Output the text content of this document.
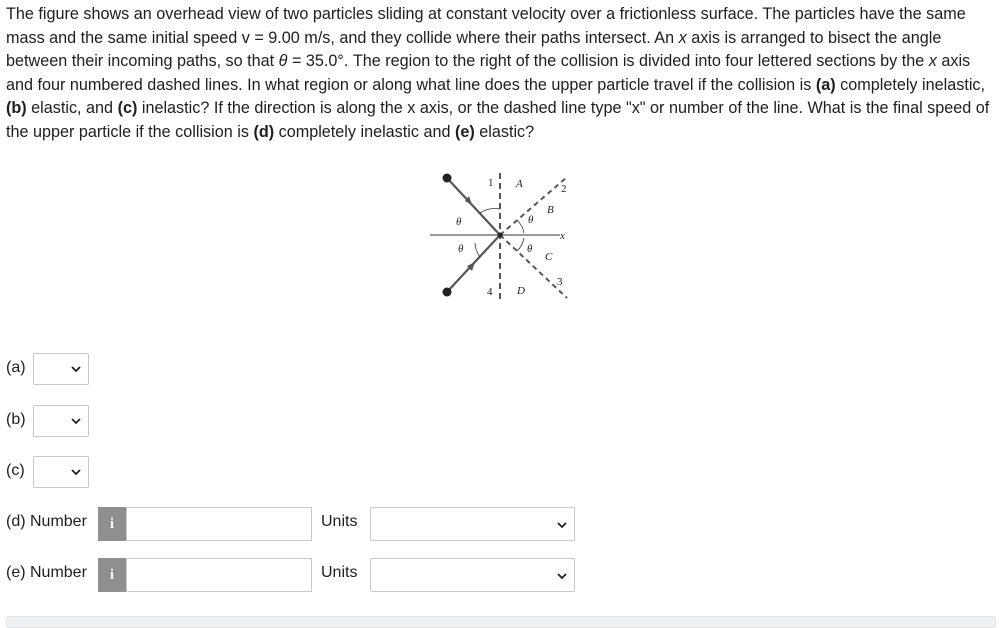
The figure shows an overhead view of two particles sliding at constant velocity over a frictionless surface. The particles have the same mass and the same initial speed v = 9.00 m/s, and they collide where their paths intersect. An x axis is arranged to bisect the angle between their incoming paths, so that θ = 35.0°. The region to the right of the collision is divided into four lettered sections by the x axis and four numbered dashed lines. In what region or along what line does the upper particle travel if the collision is (a) completely inelastic, (b) elastic, and (c) inelastic? If the direction is along the x axis, or the dashed line type "x" or number of the line. What is the final speed of the upper particle if the collision is (d) completely inelastic and (e) elastic?
1	2
3
4
A
B
C
D
x
θ
θ
θ
θ
(a)
(b)
(c)
(d) Number	i	Units
(e) Number	i	Units
